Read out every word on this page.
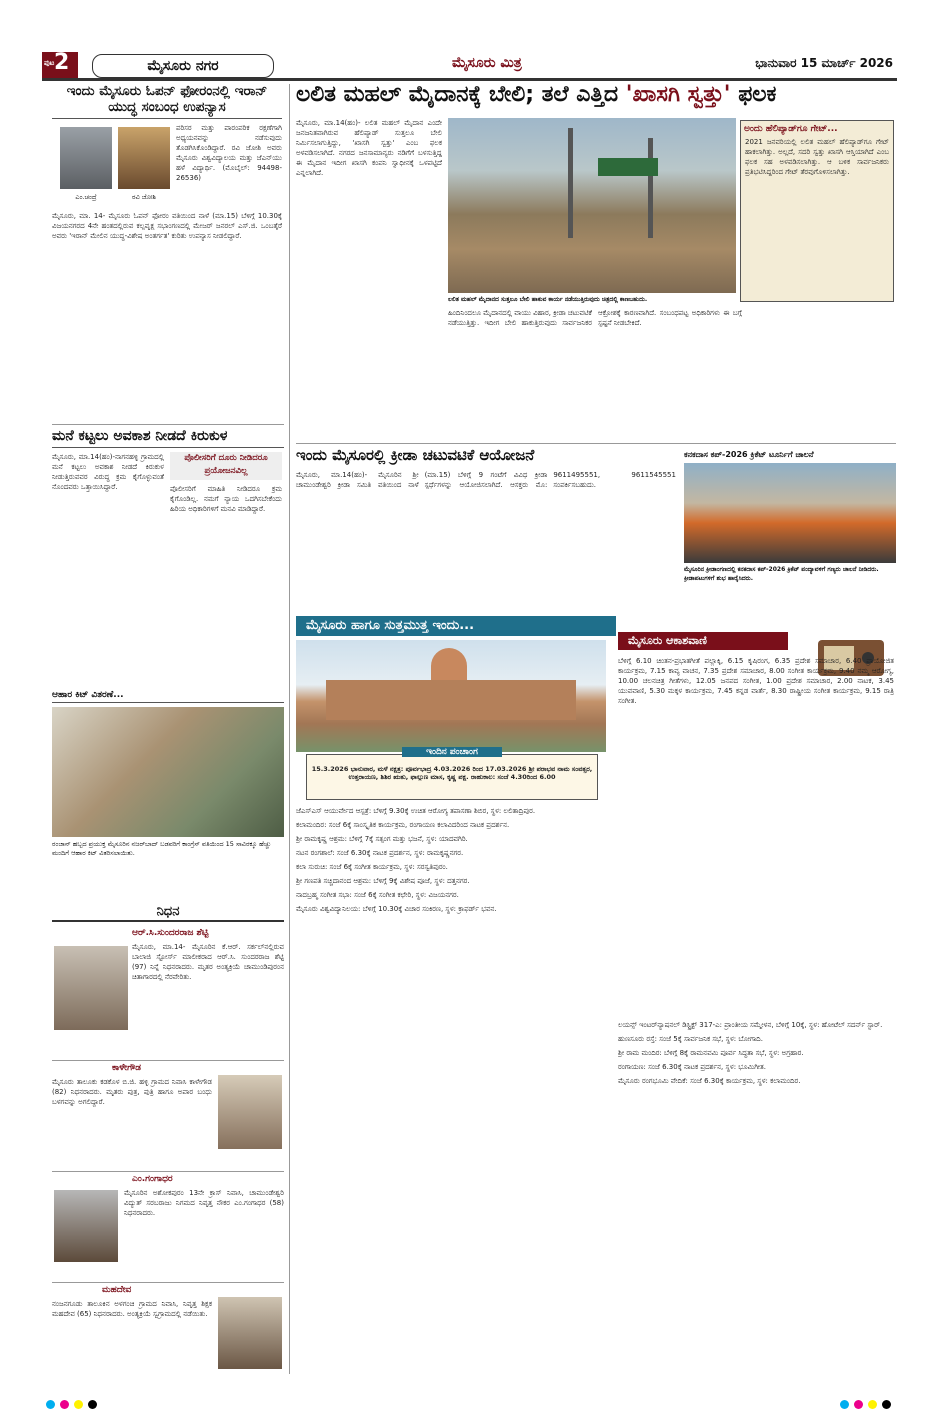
ಪುಟ 2	ಮೈಸೂರು ನಗರ	ಮೈಸೂರು ಮಿತ್ರ	ಭಾನುವಾರ 15 ಮಾರ್ಚ್ 2026
ಇಂದು ಮೈಸೂರು ಓಪನ್ ಫೋರಂನಲ್ಲಿ ಇರಾನ್ ಯುದ್ಧ ಸಂಬಂಧ ಉಪನ್ಯಾಸ
ಎಂ.ಚಂದ್ರೆ	ರವಿ ಜೋಶಿ
ಪರಿಸರ ಮತ್ತು ಪಾರಂಪರಿಕ ರಕ್ಷಣೆಗಾಗಿ ಅಧ್ಯಯನವನ್ನು ನಡೆಸುವುದು ತೊಡಗಿಸಿಕೊಂಡಿದ್ದಾರೆ. ರವಿ ಜೋಶಿ ಅವರು ಮೈಸೂರು ವಿಶ್ವವಿದ್ಯಾಲಯ ಮತ್ತು ಜೆಎನ್‌ಯು ಹಳೆ ವಿದ್ಯಾರ್ಥಿ. (ಮೊಬೈಲ್: 94498-26536)
ಮೈಸೂರು, ಮಾ. 14- ಮೈಸೂರು ಓಪನ್ ಫೋರಂ ವತಿಯಿಂದ ನಾಳೆ (ಮಾ.15) ಬೆಳಿಗ್ಗೆ 10.30ಕ್ಕೆ ವಿಜಯನಗರದ 4ನೇ ಹಂತದಲ್ಲಿರುವ ಕಲ್ಪವೃಕ್ಷ ಸಭಾಂಗಣದಲ್ಲಿ ಮೇಜರ್ ಜನರಲ್ ಎಸ್.ಜಿ. ಒಂಬತ್ಕೆರೆ ಅವರು 'ಇರಾನ್ ಮೇಲಿನ ಯುದ್ಧ-ವಿಶೇಷ ಅಂತರ್ಗತ' ಕುರಿತು ಉಪನ್ಯಾಸ ನೀಡಲಿದ್ದಾರೆ.
ಮನೆ ಕಟ್ಟಲು ಅವಕಾಶ ನೀಡದೆ ಕಿರುಕುಳ
ಮೈಸೂರು, ಮಾ.14(ಹಂ)-ನಾಗನಹಳ್ಳಿ ಗ್ರಾಮದಲ್ಲಿ ಮನೆ ಕಟ್ಟಲು ಅವಕಾಶ ನೀಡದೆ ಕಿರುಕುಳ ನೀಡುತ್ತಿರುವವರ ವಿರುದ್ಧ ಕ್ರಮ ಕೈಗೊಳ್ಳುವಂತೆ ನೊಂದವರು ಒತ್ತಾಯಿಸಿದ್ದಾರೆ.
ಪೊಲೀಸರಿಗೆ ದೂರು ನೀಡಿದರೂ ಪ್ರಯೋಜನವಿಲ್ಲ
ಪೊಲೀಸರಿಗೆ ಮಾಹಿತಿ ನೀಡಿದರೂ ಕ್ರಮ ಕೈಗೊಂಡಿಲ್ಲ. ನಮಗೆ ನ್ಯಾಯ ಒದಗಿಸಬೇಕೆಂದು ಹಿರಿಯ ಅಧಿಕಾರಿಗಳಿಗೆ ಮನವಿ ಮಾಡಿದ್ದಾರೆ.
ಆಹಾರ ಕಿಟ್ ವಿತರಣೆ...
ರಂಜಾನ್ ಹಬ್ಬದ ಪ್ರಯುಕ್ತ ಮೈಸೂರಿನ ನಜರ್‌ಬಾದ್ ಬಡವರಿಗೆ ಕಾಂಗ್ರೆಸ್ ವತಿಯಿಂದ 15 ಸಾವಿರಕ್ಕೂ ಹೆಚ್ಚು ಮಂದಿಗೆ ಆಹಾರ ಕಿಟ್ ವಿತರಿಸಲಾಯಿತು.
ನಿಧನ
ಆರ್.ಸಿ.ಸುಂದರರಾಜ ಶೆಟ್ಟಿ
ಮೈಸೂರು, ಮಾ.14- ಮೈಸೂರಿನ ಕೆ.ಆರ್. ಸರ್ಕಲ್‌ನಲ್ಲಿರುವ ಬಾಲಾಜಿ ಸ್ಟೋರ್ಸ್ ಮಾಲೀಕರಾದ ಆರ್.ಸಿ. ಸುಂದರರಾಜ ಶೆಟ್ಟಿ (97) ನಿನ್ನೆ ನಿಧನರಾದರು. ಮೃತರ ಅಂತ್ಯಕ್ರಿಯೆ ಚಾಮುಂಡಿಪುರಂನ ಚಿತಾಗಾರದಲ್ಲಿ ನೆರವೇರಿತು.
ಕಾಳೇಗೌಡ
ಮೈಸೂರು ತಾಲೂಕು ಕಡಕೊಳ ಬಿ.ಜಿ. ಹಳ್ಳಿ ಗ್ರಾಮದ ನಿವಾಸಿ ಕಾಳೇಗೌಡ (82) ನಿಧನರಾದರು. ಮೃತರು ಪುತ್ರ, ಪುತ್ರಿ ಹಾಗೂ ಅಪಾರ ಬಂಧು ಬಳಗವನ್ನು ಅಗಲಿದ್ದಾರೆ.
ಎಂ.ಗಂಗಾಧರ
ಮೈಸೂರಿನ ಅಶೋಕಪುರಂ 13ನೇ ಕ್ರಾಸ್ ನಿವಾಸಿ, ಚಾಮುಂಡೇಶ್ವರಿ ವಿದ್ಯುತ್ ಸರಬರಾಜು ನಿಗಮದ ನಿವೃತ್ತ ನೌಕರ ಎಂ.ಗಂಗಾಧರ (58) ನಿಧನರಾದರು.
ಮಹದೇವ
ನಂಜನಗೂಡು ತಾಲೂಕಿನ ಅಳಗಂಚಿ ಗ್ರಾಮದ ನಿವಾಸಿ, ನಿವೃತ್ತ ಶಿಕ್ಷಕ ಮಹದೇವ (65) ನಿಧನರಾದರು. ಅಂತ್ಯಕ್ರಿಯೆ ಸ್ವಗ್ರಾಮದಲ್ಲಿ ನಡೆಯಿತು.
ಲಲಿತ ಮಹಲ್ ಮೈದಾನಕ್ಕೆ ಬೇಲಿ; ತಲೆ ಎತ್ತಿದ 'ಖಾಸಗಿ ಸ್ವತ್ತು' ಫಲಕ
ಮೈಸೂರು, ಮಾ.14(ಹಂ)- ಲಲಿತ ಮಹಲ್ ಮೈದಾನ ಎಂದೇ ಜನಜನಿತವಾಗಿರುವ ಹೆಲಿಪ್ಯಾಡ್ ಸುತ್ತಲೂ ಬೇಲಿ ನಿರ್ಮಿಸಲಾಗುತ್ತಿದ್ದು, 'ಖಾಸಗಿ ಸ್ವತ್ತು' ಎಂಬ ಫಲಕ ಅಳವಡಿಸಲಾಗಿದೆ. ನಗರದ ಜನಸಾಮಾನ್ಯರು ನಡಿಗೆಗೆ ಬಳಸುತ್ತಿದ್ದ ಈ ಮೈದಾನ ಇದೀಗ ಖಾಸಗಿ ಕಂಪನಿ ಸ್ವಾಧೀನಕ್ಕೆ ಒಳಪಟ್ಟಿದೆ ಎನ್ನಲಾಗಿದೆ.
ಲಲಿತ ಮಹಲ್ ಮೈದಾನದ ಸುತ್ತಲೂ ಬೇಲಿ ಹಾಕುವ ಕಾರ್ಯ ನಡೆಯುತ್ತಿರುವುದು ಚಿತ್ರದಲ್ಲಿ ಕಾಣಬಹುದು.
ಅಂದು ಹೆಲಿಪ್ಯಾಡ್‌ಗೂ ಗೇಟ್...
2021 ಜನವರಿಯಲ್ಲಿ ಲಲಿತ ಮಹಲ್ ಹೆಲಿಪ್ಯಾಡ್‌ಗೂ ಗೇಟ್ ಹಾಕಲಾಗಿತ್ತು. ಅಲ್ಲದೆ, ಸದರಿ ಸ್ವತ್ತು ಖಾಸಗಿ ಆಸ್ತಿಯಾಗಿದೆ ಎಂಬ ಫಲಕ ಸಹ ಅಳವಡಿಸಲಾಗಿತ್ತು. ಆ ಬಳಿಕ ಸಾರ್ವಜನಿಕರು ಪ್ರತಿಭಟಿಸಿದ್ದರಿಂದ ಗೇಟ್ ತೆರವುಗೊಳಿಸಲಾಗಿತ್ತು.
ಹಿಂದಿನಿಂದಲೂ ಮೈದಾನದಲ್ಲಿ ವಾಯು ವಿಹಾರ, ಕ್ರೀಡಾ ಚಟುವಟಿಕೆ ನಡೆಯುತ್ತಿತ್ತು. ಇದೀಗ ಬೇಲಿ ಹಾಕುತ್ತಿರುವುದು ಸಾರ್ವಜನಿಕರ ಆಕ್ರೋಶಕ್ಕೆ ಕಾರಣವಾಗಿದೆ. ಸಂಬಂಧಪಟ್ಟ ಅಧಿಕಾರಿಗಳು ಈ ಬಗ್ಗೆ ಸ್ಪಷ್ಟನೆ ನೀಡಬೇಕಿದೆ.
ಇಂದು ಮೈಸೂರಲ್ಲಿ ಕ್ರೀಡಾ ಚಟುವಟಿಕೆ ಆಯೋಜನೆ
ಮೈಸೂರು, ಮಾ.14(ಹಂ)- ಮೈಸೂರಿನ ಶ್ರೀ ಚಾಮುಂಡೇಶ್ವರಿ ಕ್ರೀಡಾ ಸಮಿತಿ ವತಿಯಿಂದ ನಾಳೆ (ಮಾ.15) ಬೆಳಿಗ್ಗೆ 9 ಗಂಟೆಗೆ ವಿವಿಧ ಕ್ರೀಡಾ ಸ್ಪರ್ಧೆಗಳನ್ನು ಆಯೋಜಿಸಲಾಗಿದೆ. ಆಸಕ್ತರು ಮೊ: 9611495551, 9611545551 ಸಂಪರ್ಕಿಸಬಹುದು.
ಕನಕದಾಸ ಕಪ್-2026 ಕ್ರಿಕೆಟ್ ಟೂರ್ನಿಗೆ ಚಾಲನೆ
ಮೈಸೂರಿನ ಕ್ರೀಡಾಂಗಣದಲ್ಲಿ ಕನಕದಾಸ ಕಪ್-2026 ಕ್ರಿಕೆಟ್ ಪಂದ್ಯಾವಳಿಗೆ ಗಣ್ಯರು ಚಾಲನೆ ನೀಡಿದರು. ಕ್ರೀಡಾಪಟುಗಳಿಗೆ ಶುಭ ಹಾರೈಸಿದರು.
ಮೈಸೂರು ಹಾಗೂ ಸುತ್ತಮುತ್ತ ಇಂದು...
ಇಂದಿನ ಪಂಚಾಂಗ
15.3.2026 ಭಾನುವಾರ, ಮಳೆ ನಕ್ಷತ್ರ: ಪೂರ್ವಭಾದ್ರ 4.03.2026 ರಿಂದ 17.03.2026 ಶ್ರೀ ಪರಾಭವ ನಾಮ ಸಂವತ್ಸರ, ಉತ್ತರಾಯಣ, ಶಿಶಿರ ಋತು, ಫಾಲ್ಗುಣ ಮಾಸ, ಕೃಷ್ಣ ಪಕ್ಷ. ರಾಹುಕಾಲ: ಸಂಜೆ 4.30ರಿಂದ 6.00
ಜೆಎಸ್‌ಎಸ್ ಆಯುರ್ವೇದ ಆಸ್ಪತ್ರೆ: ಬೆಳಿಗ್ಗೆ 9.30ಕ್ಕೆ ಉಚಿತ ಆರೋಗ್ಯ ತಪಾಸಣಾ ಶಿಬಿರ, ಸ್ಥಳ: ಲಲಿತಾದ್ರಿಪುರ.
ಕಲಾಮಂದಿರ: ಸಂಜೆ 6ಕ್ಕೆ ಸಾಂಸ್ಕೃತಿಕ ಕಾರ್ಯಕ್ರಮ, ರಂಗಾಯಣ ಕಲಾವಿದರಿಂದ ನಾಟಕ ಪ್ರದರ್ಶನ.
ಶ್ರೀ ರಾಮಕೃಷ್ಣ ಆಶ್ರಮ: ಬೆಳಿಗ್ಗೆ 7ಕ್ಕೆ ಸತ್ಸಂಗ ಮತ್ತು ಭಜನೆ, ಸ್ಥಳ: ಯಾದವಗಿರಿ.
ನಟನ ರಂಗಶಾಲೆ: ಸಂಜೆ 6.30ಕ್ಕೆ ನಾಟಕ ಪ್ರದರ್ಶನ, ಸ್ಥಳ: ರಾಮಕೃಷ್ಣನಗರ.
ಕಲಾ ಸುರುಚಿ: ಸಂಜೆ 6ಕ್ಕೆ ಸಂಗೀತ ಕಾರ್ಯಕ್ರಮ, ಸ್ಥಳ: ಸರಸ್ವತಿಪುರಂ.
ಶ್ರೀ ಗಣಪತಿ ಸಚ್ಚಿದಾನಂದ ಆಶ್ರಮ: ಬೆಳಿಗ್ಗೆ 9ಕ್ಕೆ ವಿಶೇಷ ಪೂಜೆ, ಸ್ಥಳ: ದತ್ತನಗರ.
ನಾದಬ್ರಹ್ಮ ಸಂಗೀತ ಸಭಾ: ಸಂಜೆ 6ಕ್ಕೆ ಸಂಗೀತ ಕಛೇರಿ, ಸ್ಥಳ: ವಿಜಯನಗರ.
ಮೈಸೂರು ವಿಶ್ವವಿದ್ಯಾನಿಲಯ: ಬೆಳಿಗ್ಗೆ 10.30ಕ್ಕೆ ವಿಚಾರ ಸಂಕಿರಣ, ಸ್ಥಳ: ಕ್ರಾಫರ್ಡ್ ಭವನ.
ಮೈಸೂರು ಆಕಾಶವಾಣಿ
ಬೆಳಿಗ್ಗೆ 6.10 ಚಿಂತನ-ಪ್ರಭಾತಗೀತೆ ಪಲ್ಲಾಕ್ಕಿ, 6.15 ಕೃಷಿರಂಗ, 6.35 ಪ್ರದೇಶ ಸಮಾಚಾರ, 6.40 ಪ್ರಾಯೋಜಿತ ಕಾರ್ಯಕ್ರಮ, 7.15 ಕಾವ್ಯ ವಾಚನ, 7.35 ಪ್ರದೇಶ ಸಮಾಚಾರ, 8.00 ಸಂಗೀತ ಕಾರ್ಯಕ್ರಮ, 9.40 ನಮ್ಮ ಆರೋಗ್ಯ, 10.00 ಚಲನಚಿತ್ರ ಗೀತೆಗಳು, 12.05 ಜನಪದ ಸಂಗೀತ, 1.00 ಪ್ರದೇಶ ಸಮಾಚಾರ, 2.00 ನಾಟಕ, 3.45 ಯುವವಾಣಿ, 5.30 ಮಕ್ಕಳ ಕಾರ್ಯಕ್ರಮ, 7.45 ಕನ್ನಡ ವಾರ್ತೆ, 8.30 ರಾಷ್ಟ್ರೀಯ ಸಂಗೀತ ಕಾರ್ಯಕ್ರಮ, 9.15 ರಾತ್ರಿ ಸಂಗೀತ.
ಲಯನ್ಸ್ ಇಂಟರ್‌ನ್ಯಾಷನಲ್ ಡಿಸ್ಟ್ರಿಕ್ಟ್ 317-ಎ: ಪ್ರಾಂತೀಯ ಸಮ್ಮೇಳನ, ಬೆಳಿಗ್ಗೆ 10ಕ್ಕೆ, ಸ್ಥಳ: ಹೋಟೆಲ್ ಸದರ್ನ್ ಸ್ಟಾರ್.
ಹುಣಸೂರು ರಸ್ತೆ: ಸಂಜೆ 5ಕ್ಕೆ ಸಾರ್ವಜನಿಕ ಸಭೆ, ಸ್ಥಳ: ಬೋಗಾದಿ.
ಶ್ರೀ ರಾಮ ಮಂದಿರ: ಬೆಳಿಗ್ಗೆ 8ಕ್ಕೆ ರಾಮನವಮಿ ಪೂರ್ವ ಸಿದ್ಧತಾ ಸಭೆ, ಸ್ಥಳ: ಅಗ್ರಹಾರ.
ರಂಗಾಯಣ: ಸಂಜೆ 6.30ಕ್ಕೆ ನಾಟಕ ಪ್ರದರ್ಶನ, ಸ್ಥಳ: ಭೂಮಿಗೀತ.
ಮೈಸೂರು ರಂಗಭೂಮಿ ವೇದಿಕೆ: ಸಂಜೆ 6.30ಕ್ಕೆ ಕಾರ್ಯಕ್ರಮ, ಸ್ಥಳ: ಕಲಾಮಂದಿರ.
